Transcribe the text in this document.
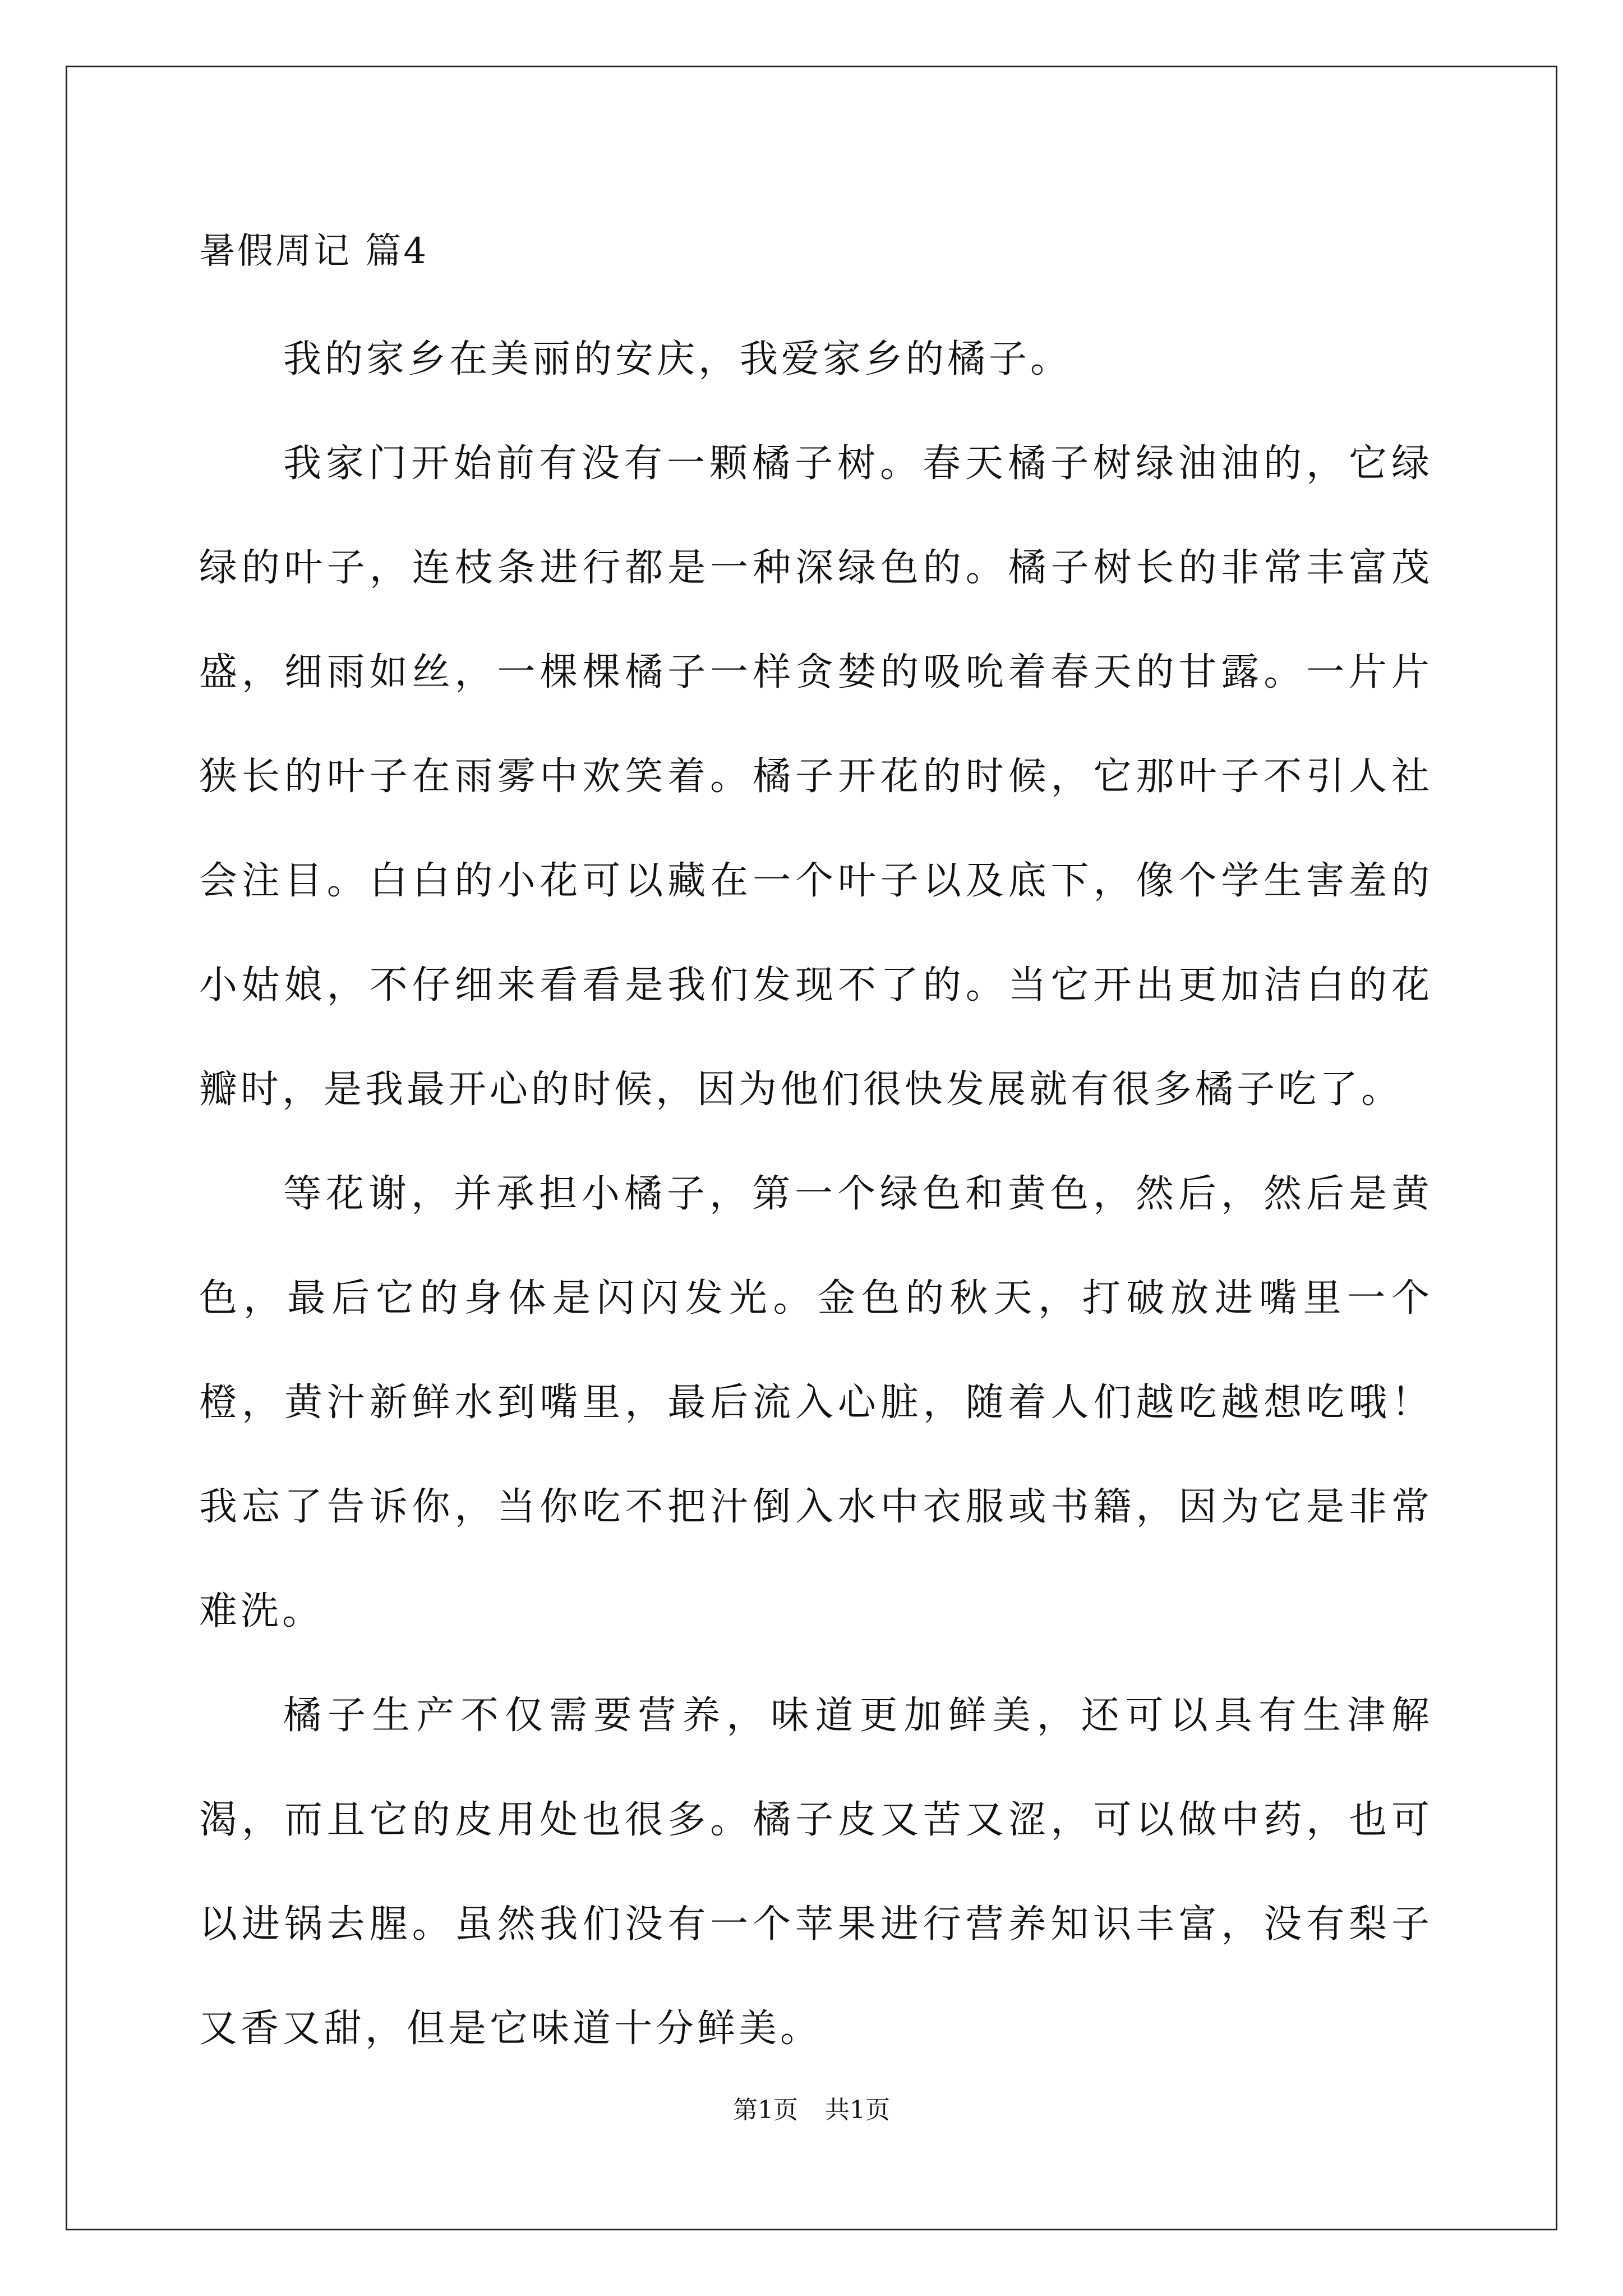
暑假周记 篇4

我的家乡在美丽的安庆，我爱家乡的橘子。

我家门开始前有没有一颗橘子树。春天橘子树绿油油的，它绿绿的叶子，连枝条进行都是一种深绿色的。橘子树长的非常丰富茂盛，细雨如丝，一棵棵橘子一样贪婪的吸吮着春天的甘露。一片片狭长的叶子在雨雾中欢笑着。橘子开花的时候，它那叶子不引人社会注目。白白的小花可以藏在一个叶子以及底下，像个学生害羞的小姑娘，不仔细来看看是我们发现不了的。当它开出更加洁白的花瓣时，是我最开心的时候，因为他们很快发展就有很多橘子吃了。

等花谢，并承担小橘子，第一个绿色和黄色，然后，然后是黄色，最后它的身体是闪闪发光。金色的秋天，打破放进嘴里一个橙，黄汁新鲜水到嘴里，最后流入心脏，随着人们越吃越想吃哦！我忘了告诉你，当你吃不把汁倒入水中衣服或书籍，因为它是非常难洗。

橘子生产不仅需要营养，味道更加鲜美，还可以具有生津解渴，而且它的皮用处也很多。橘子皮又苦又涩，可以做中药，也可以进锅去腥。虽然我们没有一个苹果进行营养知识丰富，没有梨子又香又甜，但是它味道十分鲜美。

第1页 共1页
